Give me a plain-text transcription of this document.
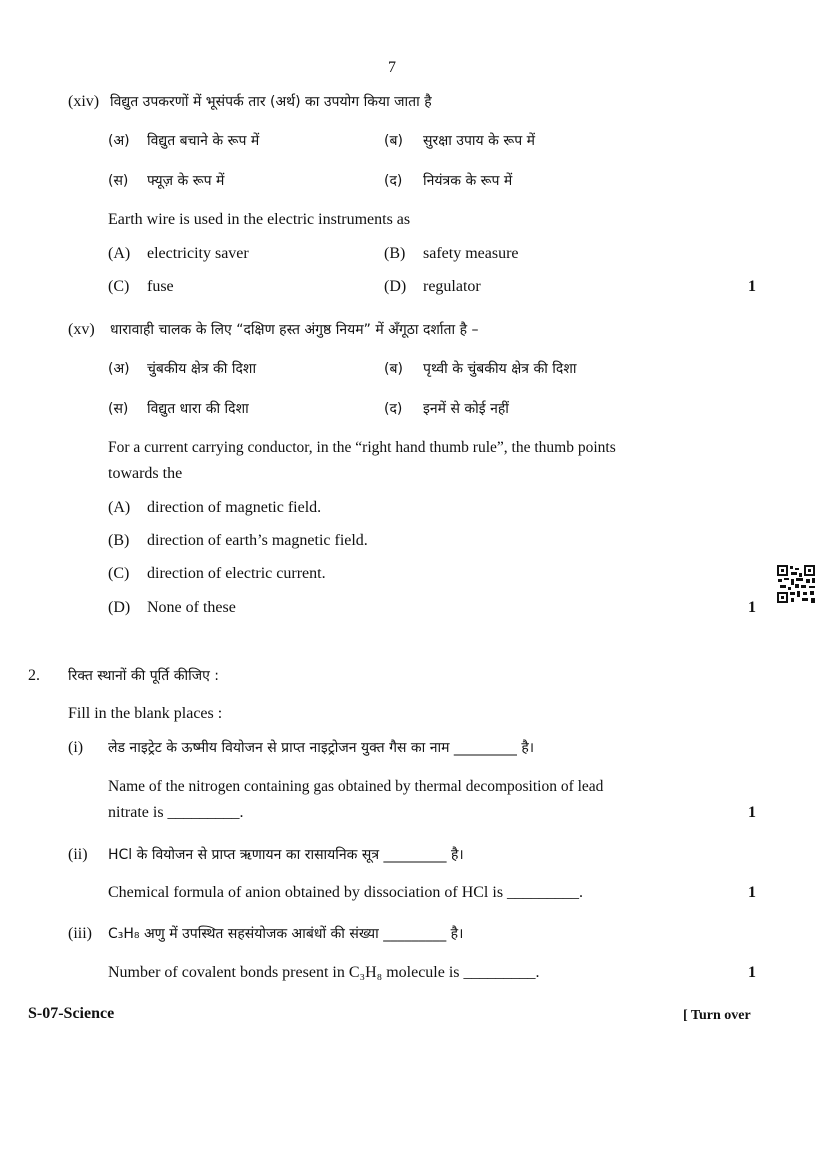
7
(xiv) विद्युत उपकरणों में भूसंपर्क तार (अर्थ) का उपयोग किया जाता है
(अ) विद्युत बचाने के रूप में	(ब) सुरक्षा उपाय के रूप में
(स) फ्यूज़ के रूप में	(द) नियंत्रक के रूप में
Earth wire is used in the electric instruments as
(A) electricity saver	(B) safety measure
(C) fuse	(D) regulator	1
(xv) धारावाही चालक के लिए “दक्षिण हस्त अंगुष्ठ नियम” में अँगूठा दर्शाता है –
(अ) चुंबकीय क्षेत्र की दिशा	(ब) पृथ्वी के चुंबकीय क्षेत्र की दिशा
(स) विद्युत धारा की दिशा	(द) इनमें से कोई नहीं
For a current carrying conductor, in the “right hand thumb rule”, the thumb points
towards the
(A) direction of magnetic field.
(B) direction of earth’s magnetic field.
(C) direction of electric current.
(D) None of these	1
2. रिक्त स्थानों की पूर्ति कीजिए :
Fill in the blank places :
(i) लेड नाइट्रेट के ऊष्मीय वियोजन से प्राप्त नाइट्रोजन युक्त गैस का नाम _________ है।
Name of the nitrogen containing gas obtained by thermal decomposition of lead
nitrate is _________.	1
(ii) HCl के वियोजन से प्राप्त ऋणायन का रासायनिक सूत्र _________ है।
Chemical formula of anion obtained by dissociation of HCl is _________.	1
(iii) C₃H₈ अणु में उपस्थित सहसंयोजक आबंधों की संख्या _________ है।
Number of covalent bonds present in C₃H₈ molecule is _________.	1
S-07-Science	[ Turn over
